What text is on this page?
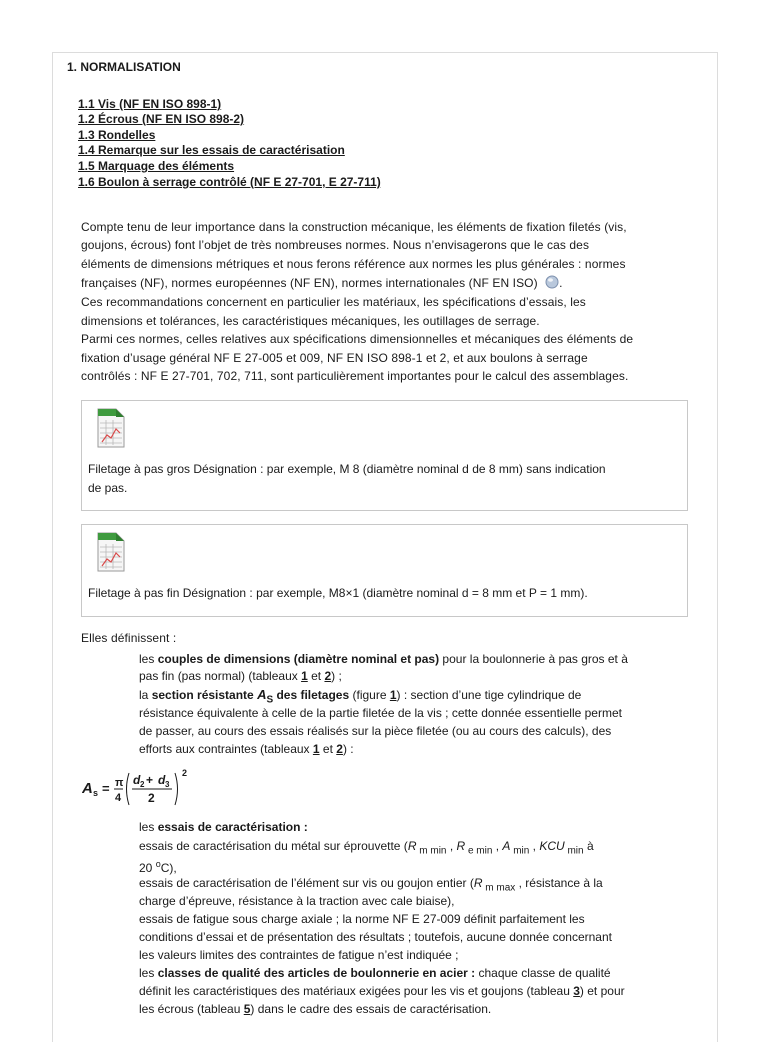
1. NORMALISATION
1.1 Vis (NF EN ISO 898-1)
1.2 Écrous (NF EN ISO 898-2)
1.3 Rondelles
1.4 Remarque sur les essais de caractérisation
1.5 Marquage des éléments
1.6 Boulon à serrage contrôlé (NF E 27-701, E 27-711)
Compte tenu de leur importance dans la construction mécanique, les éléments de fixation filetés (vis,
goujons, écrous) font l’objet de très nombreuses normes. Nous n’envisagerons que le cas des
éléments de dimensions métriques et nous ferons référence aux normes les plus générales : normes
françaises (NF), normes européennes (NF EN), normes internationales (NF EN ISO) .
Ces recommandations concernent en particulier les matériaux, les spécifications d’essais, les
dimensions et tolérances, les caractéristiques mécaniques, les outillages de serrage.
Parmi ces normes, celles relatives aux spécifications dimensionnelles et mécaniques des éléments de
fixation d’usage général NF E 27-005 et 009, NF EN ISO 898-1 et 2, et aux boulons à serrage
contrôlés : NF E 27-701, 702, 711, sont particulièrement importantes pour le calcul des assemblages.
Filetage à pas gros Désignation : par exemple, M 8 (diamètre nominal d de 8 mm) sans indication
de pas.
Filetage à pas fin Désignation : par exemple, M8×1 (diamètre nominal d = 8 mm et P = 1 mm).
Elles définissent :
les couples de dimensions (diamètre nominal et pas) pour la boulonnerie à pas gros et à
pas fin (pas normal) (tableaux 1 et 2) ;
la section résistante $A_S$ des filetages (figure 1) : section d’une tige cylindrique de
résistance équivalente à celle de la partie filetée de la vis ; cette donnée essentielle permet
de passer, au cours des essais réalisés sur la pièce filetée (ou au cours des calculs), des
efforts aux contraintes (tableaux 1 et 2) :
A s = π
4
d 2 + d 3
2
2
les essais de caractérisation :
essais de caractérisation du métal sur éprouvette (R $_{m min}$ , R $_{e min}$ , A $_{min}$ , KCU $_{min}$ à
20 $^o$C),
essais de caractérisation de l’élément sur vis ou goujon entier (R $_{m max}$ , résistance à la
charge d’épreuve, résistance à la traction avec cale biaise),
essais de fatigue sous charge axiale ; la norme NF E 27-009 définit parfaitement les
conditions d’essai et de présentation des résultats ; toutefois, aucune donnée concernant
les valeurs limites des contraintes de fatigue n’est indiquée ;
les classes de qualité des articles de boulonnerie en acier : chaque classe de qualité
définit les caractéristiques des matériaux exigées pour les vis et goujons (tableau 3) et pour
les écrous (tableau 5) dans le cadre des essais de caractérisation.
